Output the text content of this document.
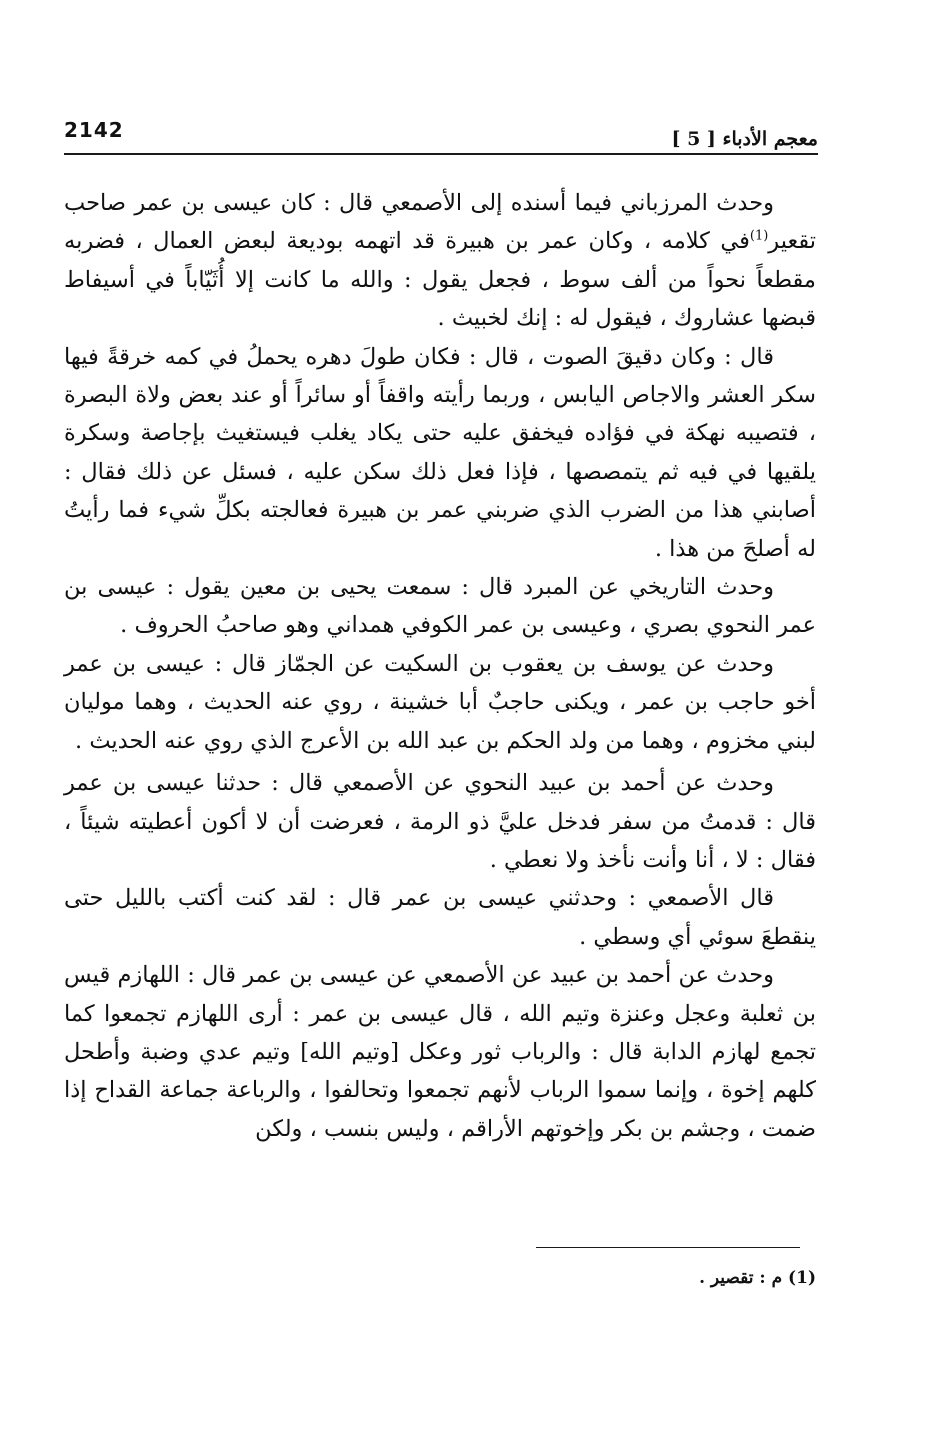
معجم الأدباء [ 5 ]
2142

وحدث المرزباني فيما أسنده إلى الأصمعي قال : كان عيسى بن عمر صاحب تقعير$^{(1)}$في كلامه ، وكان عمر بن هبيرة قد اتهمه بوديعة لبعض العمال ، فضربه مقطعاً نحواً من ألف سوط ، فجعل يقول : والله ما كانت إلا أُثَيّاباً في أسيفاط قبضها عشاروك ، فيقول له : إنك لخبيث .

قال : وكان دقيقَ الصوت ، قال : فكان طولَ دهره يحملُ في كمه خرقةً فيها سكر العشر والاجاص اليابس ، وربما رأيته واقفاً أو سائراً أو عند بعض ولاة البصرة ، فتصيبه نهكة في فؤاده فيخفق عليه حتى يكاد يغلب فيستغيث بإجاصة وسكرة يلقيها في فيه ثم يتمصصها ، فإذا فعل ذلك سكن عليه ، فسئل عن ذلك فقال : أصابني هذا من الضرب الذي ضربني عمر بن هبيرة فعالجته بكلِّ شيء فما رأيتُ له أصلحَ من هذا .

وحدث التاريخي عن المبرد قال : سمعت يحيى بن معين يقول : عيسى بن عمر النحوي بصري ، وعيسى بن عمر الكوفي همداني وهو صاحبُ الحروف .

وحدث عن يوسف بن يعقوب بن السكيت عن الجمّاز قال : عيسى بن عمر أخو حاجب بن عمر ، ويكنى حاجبٌ أبا خشينة ، روي عنه الحديث ، وهما موليان لبني مخزوم ، وهما من ولد الحكم بن عبد الله بن الأعرج الذي روي عنه الحديث .

وحدث عن أحمد بن عبيد النحوي عن الأصمعي قال : حدثنا عيسى بن عمر قال : قدمتُ من سفر فدخل عليَّ ذو الرمة ، فعرضت أن لا أكون أعطيته شيئاً ، فقال : لا ، أنا وأنت نأخذ ولا نعطي .

قال الأصمعي : وحدثني عيسى بن عمر قال : لقد كنت أكتب بالليل حتى ينقطعَ سوئي أي وسطي .

وحدث عن أحمد بن عبيد عن الأصمعي عن عيسى بن عمر قال : اللهازم قيس بن ثعلبة وعجل وعنزة وتيم الله ، قال عيسى بن عمر : أرى اللهازم تجمعوا كما تجمع لهازم الدابة قال : والرباب ثور وعكل [وتيم الله] وتيم عدي وضبة وأطحل كلهم إخوة ، وإنما سموا الرباب لأنهم تجمعوا وتحالفوا ، والرباعة جماعة القداح إذا ضمت ، وجشم بن بكر وإخوتهم الأراقم ، وليس بنسب ، ولكن

(1) م : تقصير .
